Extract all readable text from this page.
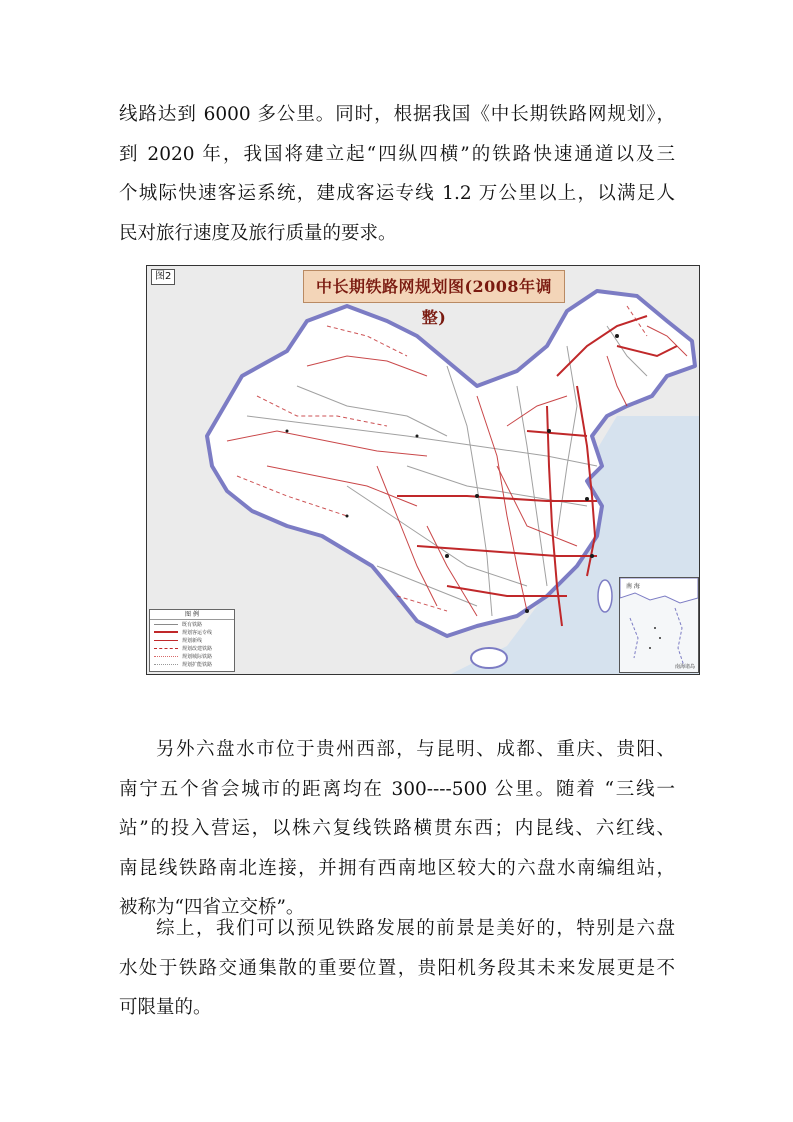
线路达到 6000 多公里。同时，根据我国《中长期铁路网规划》，
到 2020 年，我国将建立起“四纵四横”的铁路快速通道以及三
个城际快速客运系统，建成客运专线 1.2 万公里以上，以满足人
民对旅行速度及旅行质量的要求。

图2
中长期铁路网规划图(2008年调整)
图 例
既有铁路
规划客运专线
规划新线
规划改建铁路
规划城际铁路
规划扩能铁路
南 海
南海诸岛

另外六盘水市位于贵州西部，与昆明、成都、重庆、贵阳、
南宁五个省会城市的距离均在 300----500 公里。随着 “三线一
站”的投入营运，以株六复线铁路横贯东西；内昆线、六红线、
南昆线铁路南北连接，并拥有西南地区较大的六盘水南编组站，
被称为“四省立交桥”。

综上，我们可以预见铁路发展的前景是美好的，特别是六盘
水处于铁路交通集散的重要位置，贵阳机务段其未来发展更是不
可限量的。
